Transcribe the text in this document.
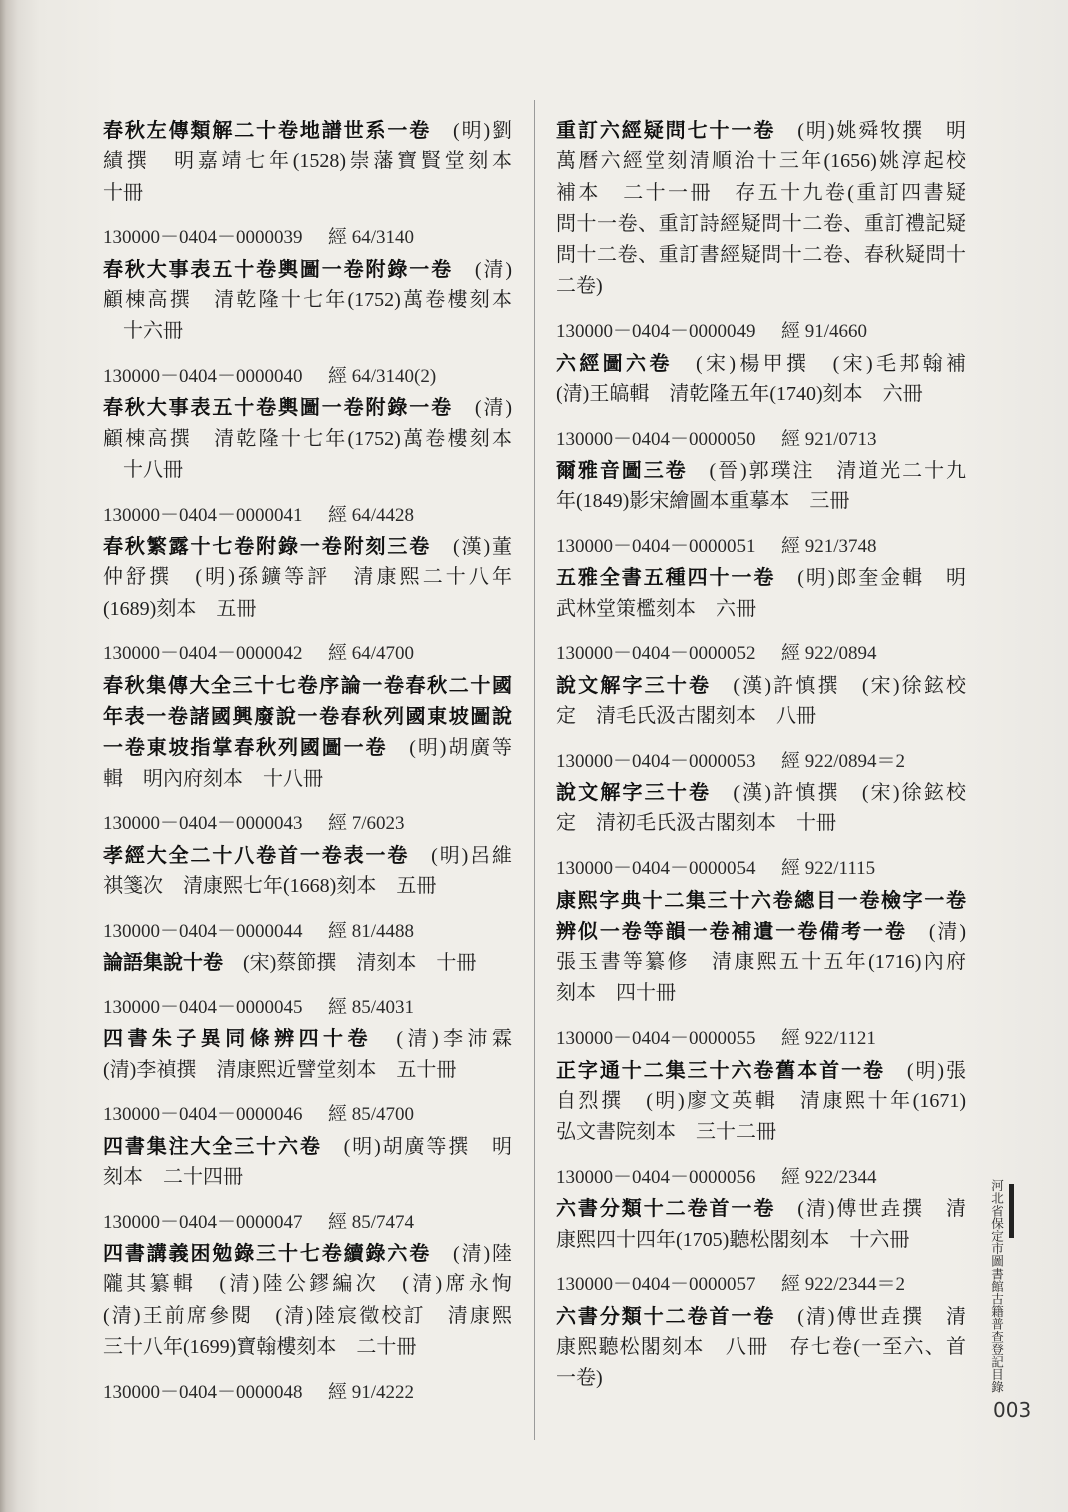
春秋左傳類解二十卷地譜世系一卷　(明)劉
績撰　明嘉靖七年(1528)崇藩寶賢堂刻本
十冊
130000－0404－0000039 經 64/3140
春秋大事表五十卷輿圖一卷附錄一卷　(清)
顧棟高撰　清乾隆十七年(1752)萬卷樓刻本
　十六冊
130000－0404－0000040 經 64/3140(2)
春秋大事表五十卷輿圖一卷附錄一卷　(清)
顧棟高撰　清乾隆十七年(1752)萬卷樓刻本
　十八冊
130000－0404－0000041 經 64/4428
春秋繁露十七卷附錄一卷附刻三卷　(漢)董
仲舒撰　(明)孫鑛等評　清康熙二十八年
(1689)刻本　五冊
130000－0404－0000042 經 64/4700
春秋集傳大全三十七卷序論一卷春秋二十國
年表一卷諸國興廢說一卷春秋列國東坡圖說
一卷東坡指掌春秋列國圖一卷　(明)胡廣等
輯　明內府刻本　十八冊
130000－0404－0000043 經 7/6023
孝經大全二十八卷首一卷表一卷　(明)呂維
祺箋次　清康熙七年(1668)刻本　五冊
130000－0404－0000044 經 81/4488
論語集說十卷　(宋)蔡節撰　清刻本　十冊
130000－0404－0000045 經 85/4031
四書朱子異同條辨四十卷　(清)李沛霖
(清)李禎撰　清康熙近譬堂刻本　五十冊
130000－0404－0000046 經 85/4700
四書集注大全三十六卷　(明)胡廣等撰　明
刻本　二十四冊
130000－0404－0000047 經 85/7474
四書講義困勉錄三十七卷續錄六卷　(清)陸
隴其纂輯　(清)陸公鏐編次　(清)席永恂
(清)王前席參閱　(清)陸宸徵校訂　清康熙
三十八年(1699)寶翰樓刻本　二十冊
130000－0404－0000048 經 91/4222
重訂六經疑問七十一卷　(明)姚舜牧撰　明
萬曆六經堂刻清順治十三年(1656)姚淳起校
補本　二十一冊　存五十九卷(重訂四書疑
問十一卷、重訂詩經疑問十二卷、重訂禮記疑
問十二卷、重訂書經疑問十二卷、春秋疑問十
二卷)
130000－0404－0000049 經 91/4660
六經圖六卷　(宋)楊甲撰　(宋)毛邦翰補
(清)王皜輯　清乾隆五年(1740)刻本　六冊
130000－0404－0000050 經 921/0713
爾雅音圖三卷　(晉)郭璞注　清道光二十九
年(1849)影宋繪圖本重摹本　三冊
130000－0404－0000051 經 921/3748
五雅全書五種四十一卷　(明)郎奎金輯　明
武林堂策檻刻本　六冊
130000－0404－0000052 經 922/0894
說文解字三十卷　(漢)許慎撰　(宋)徐鉉校
定　清毛氏汲古閣刻本　八冊
130000－0404－0000053 經 922/0894＝2
說文解字三十卷　(漢)許慎撰　(宋)徐鉉校
定　清初毛氏汲古閣刻本　十冊
130000－0404－0000054 經 922/1115
康熙字典十二集三十六卷總目一卷檢字一卷
辨似一卷等韻一卷補遺一卷備考一卷　(清)
張玉書等纂修　清康熙五十五年(1716)內府
刻本　四十冊
130000－0404－0000055 經 922/1121
正字通十二集三十六卷舊本首一卷　(明)張
自烈撰　(明)廖文英輯　清康熙十年(1671)
弘文書院刻本　三十二冊
130000－0404－0000056 經 922/2344
六書分類十二卷首一卷　(清)傅世垚撰　清
康熙四十四年(1705)聽松閣刻本　十六冊
130000－0404－0000057 經 922/2344＝2
六書分類十二卷首一卷　(清)傅世垚撰　清
康熙聽松閣刻本　八冊　存七卷(一至六、首
一卷)	河北省保定市圖書館古籍普查登記目錄
003
